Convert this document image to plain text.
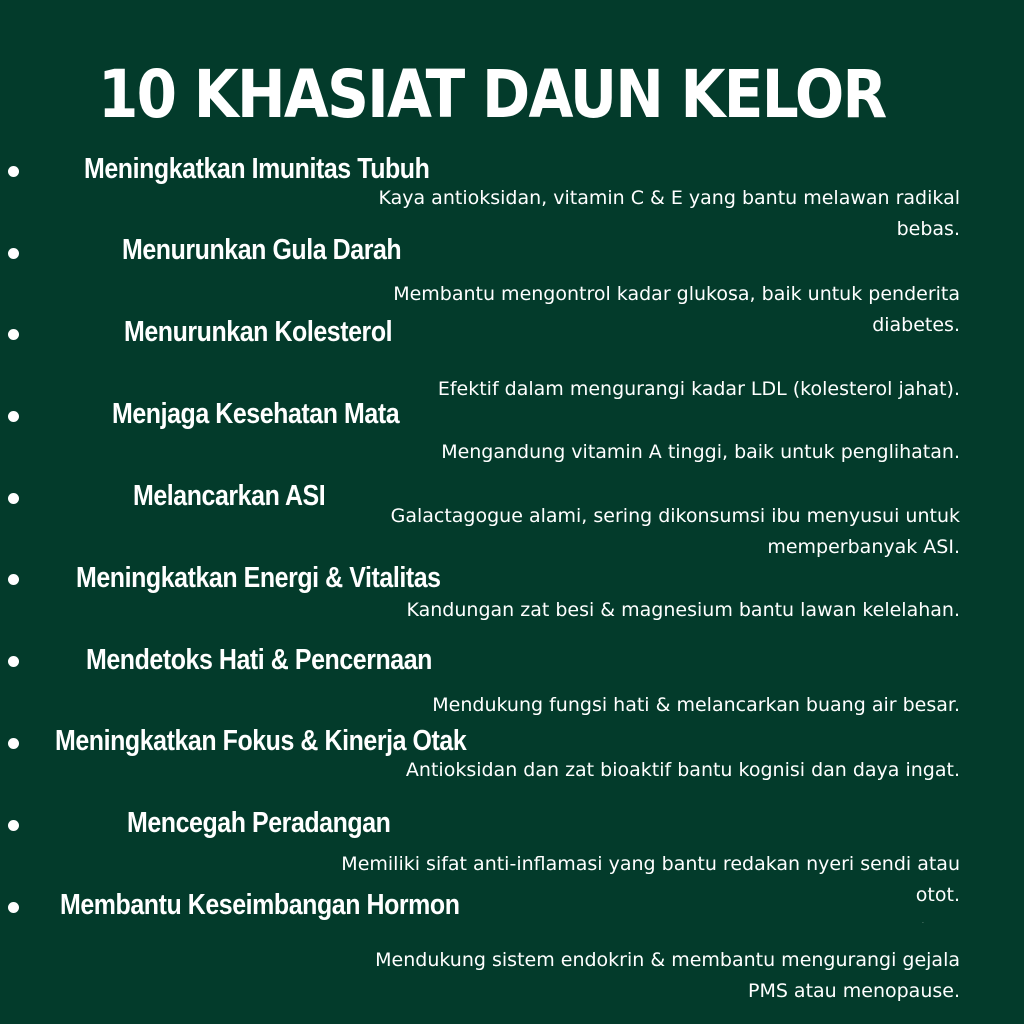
10 KHASIAT DAUN KELOR
Meningkatkan Imunitas Tubuh
Kaya antioksidan, vitamin C & E yang bantu melawan radikal
bebas.
Menurunkan Gula Darah
Membantu mengontrol kadar glukosa, baik untuk penderita
diabetes.
Menurunkan Kolesterol
Efektif dalam mengurangi kadar LDL (kolesterol jahat).
Menjaga Kesehatan Mata
Mengandung vitamin A tinggi, baik untuk penglihatan.
Melancarkan ASI
Galactagogue alami, sering dikonsumsi ibu menyusui untuk
memperbanyak ASI.
Meningkatkan Energi & Vitalitas
Kandungan zat besi & magnesium bantu lawan kelelahan.
Mendetoks Hati & Pencernaan
Mendukung fungsi hati & melancarkan buang air besar.
Meningkatkan Fokus & Kinerja Otak
Antioksidan dan zat bioaktif bantu kognisi dan daya ingat.
Mencegah Peradangan
Memiliki sifat anti-inflamasi yang bantu redakan nyeri sendi atau
otot.
Membantu Keseimbangan Hormon
Mendukung sistem endokrin & membantu mengurangi gejala
PMS atau menopause.
·
